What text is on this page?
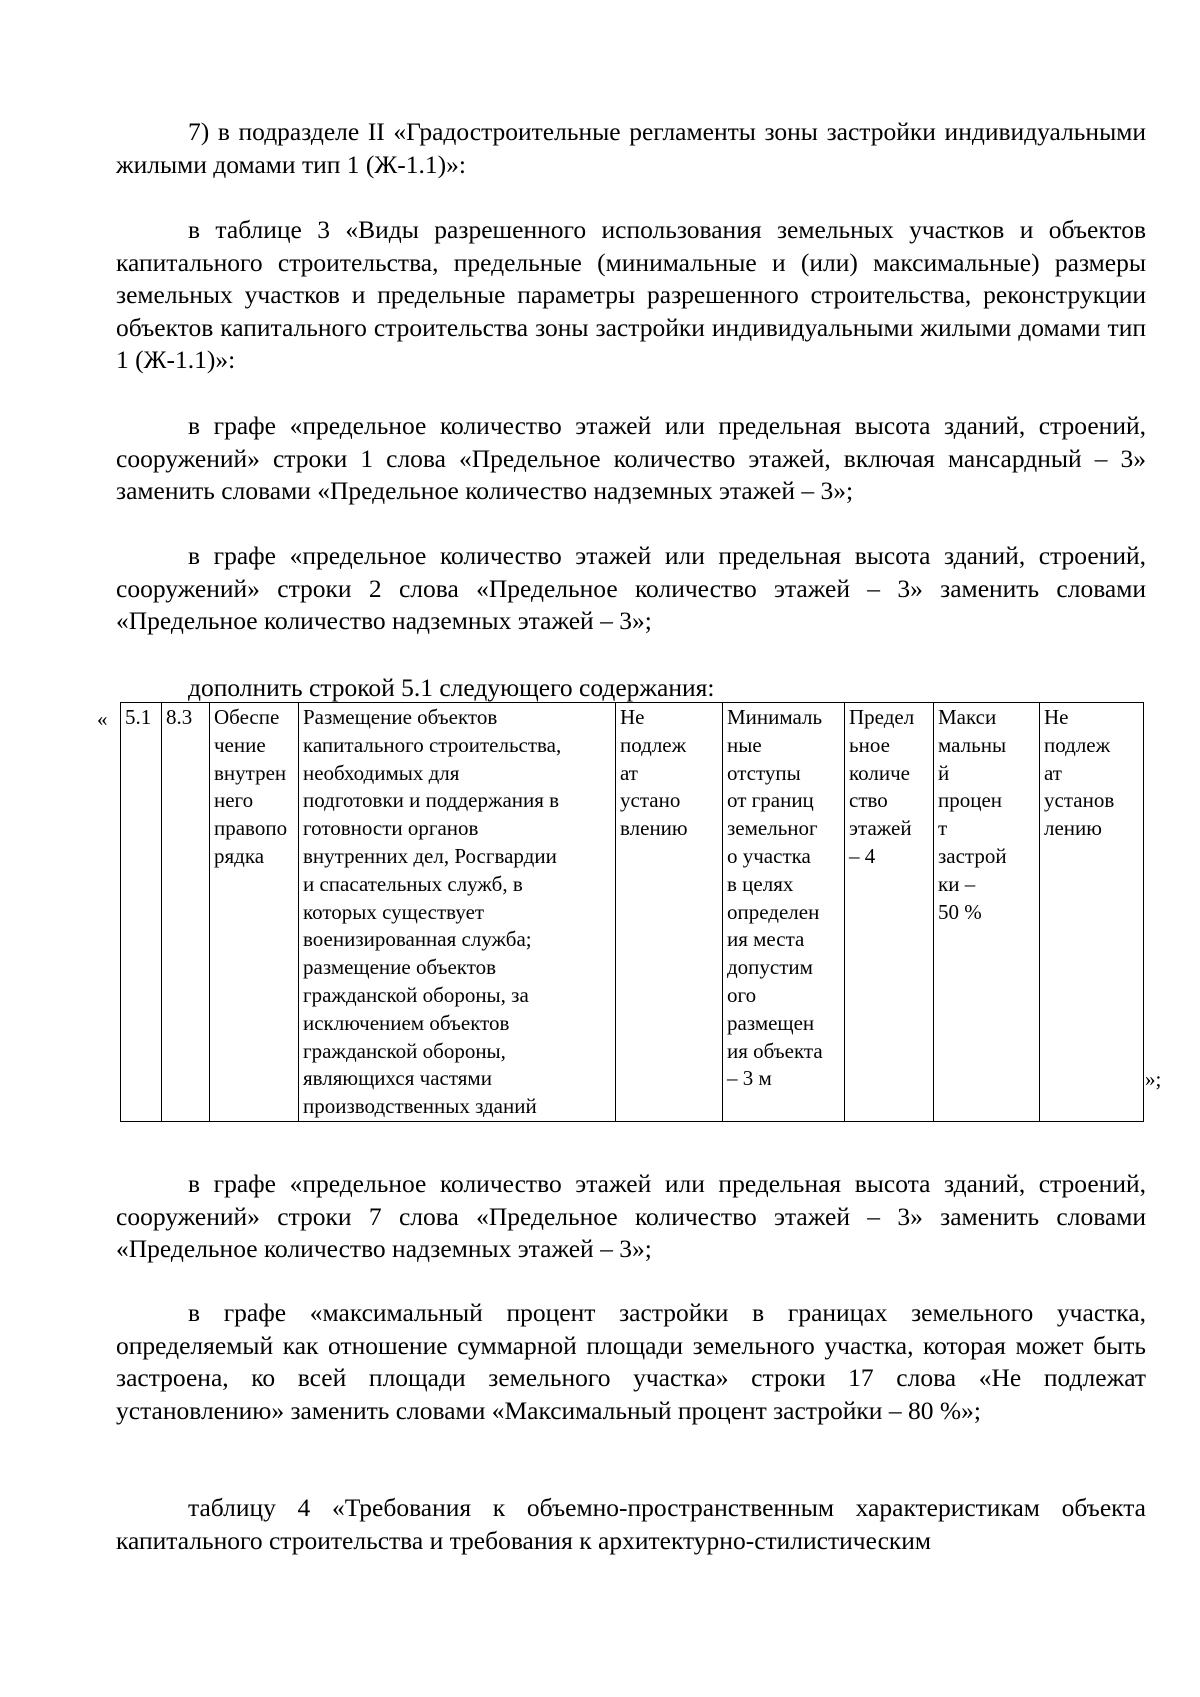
7) в подразделе II «Градостроительные регламенты зоны застройки индивидуальными жилыми домами тип 1 (Ж-1.1)»:

в таблице 3 «Виды разрешенного использования земельных участков и объектов капитального строительства, предельные (минимальные и (или) максимальные) размеры земельных участков и предельные параметры разрешенного строительства, реконструкции объектов капитального строительства зоны застройки индивидуальными жилыми домами тип 1 (Ж-1.1)»:

в графе «предельное количество этажей или предельная высота зданий, строений, сооружений» строки 1 слова «Предельное количество этажей, включая мансардный – 3» заменить словами «Предельное количество надземных этажей – 3»;

в графе «предельное количество этажей или предельная высота зданий, строений, сооружений» строки 2 слова «Предельное количество этажей – 3» заменить словами «Предельное количество надземных этажей – 3»;

дополнить строкой 5.1 следующего содержания:

« 5.1	8.3	Обеспе
чение
внутрен
него
правопо
рядка	Размещение объектов
капитального строительства,
необходимых для
подготовки и поддержания в
готовности органов
внутренних дел, Росгвардии
и спасательных служб, в
которых существует
военизированная служба;
размещение объектов
гражданской обороны, за
исключением объектов
гражданской обороны,
являющихся частями
производственных зданий	Не
подлеж
ат
устано
влению	Минималь
ные
отступы
от границ
земельног
о участка
в целях
определен
ия места
допустим
ого
размещен
ия объекта
– 3 м	Предел
ьное
количе
ство
этажей
– 4	Макси
мальны
й
процен
т
застрой
ки –
50 %	Не
подлеж
ат
установ
лению
»;

в графе «предельное количество этажей или предельная высота зданий, строений, сооружений» строки 7 слова «Предельное количество этажей – 3» заменить словами «Предельное количество надземных этажей – 3»;

в графе «максимальный процент застройки в границах земельного участка, определяемый как отношение суммарной площади земельного участка, которая может быть застроена, ко всей площади земельного участка» строки 17 слова «Не подлежат установлению» заменить словами «Максимальный процент застройки – 80 %»;

таблицу 4 «Требования к объемно-пространственным характеристикам объекта капитального строительства и требования к архитектурно-стилистическим
